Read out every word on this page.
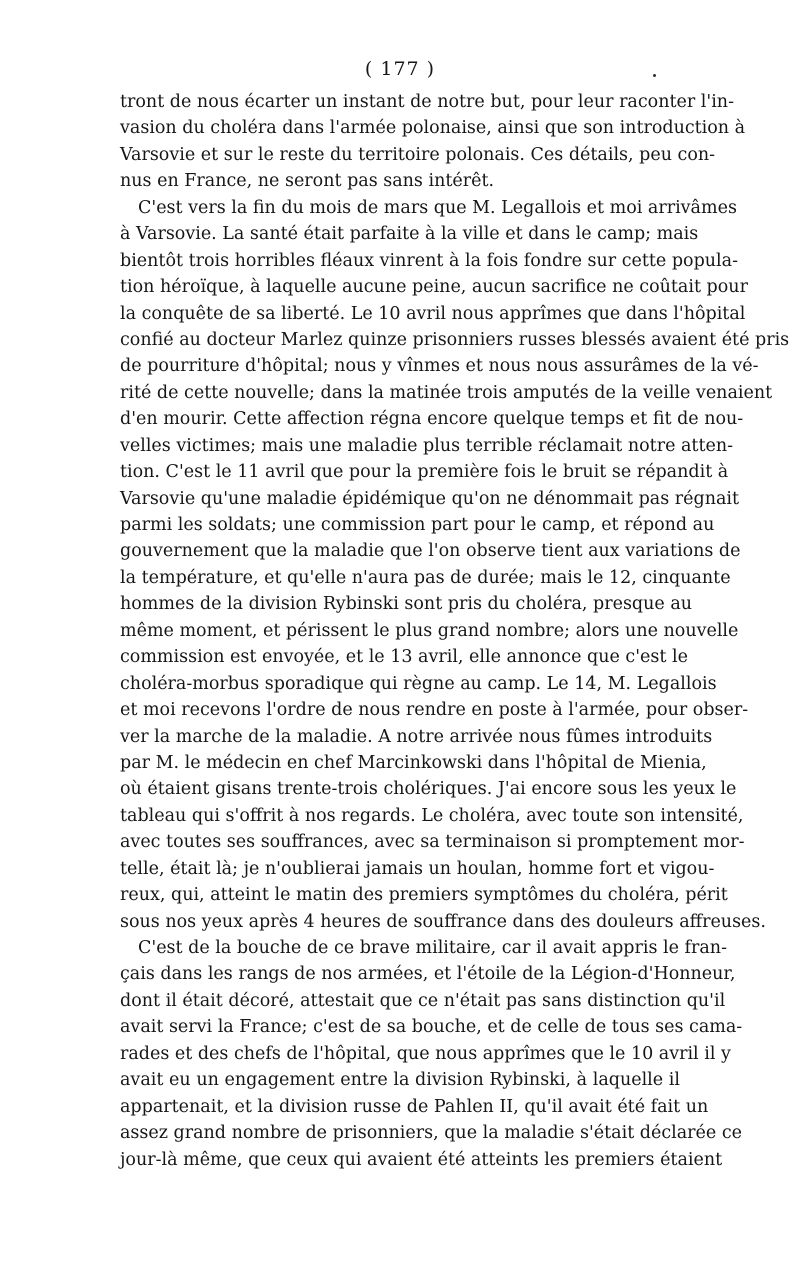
( 177 )
tront de nous écarter un instant de notre but, pour leur raconter l'in-
vasion du choléra dans l'armée polonaise, ainsi que son introduction à
Varsovie et sur le reste du territoire polonais. Ces détails, peu con-
nus en France, ne seront pas sans intérêt.
C'est vers la fin du mois de mars que M. Legallois et moi arrivâmes
à Varsovie. La santé était parfaite à la ville et dans le camp; mais
bientôt trois horribles fléaux vinrent à la fois fondre sur cette popula-
tion héroïque, à laquelle aucune peine, aucun sacrifice ne coûtait pour
la conquête de sa liberté. Le 10 avril nous apprîmes que dans l'hôpital
confié au docteur Marlez quinze prisonniers russes blessés avaient été pris
de pourriture d'hôpital; nous y vînmes et nous nous assurâmes de la vé-
rité de cette nouvelle; dans la matinée trois amputés de la veille venaient
d'en mourir. Cette affection régna encore quelque temps et fit de nou-
velles victimes; mais une maladie plus terrible réclamait notre atten-
tion. C'est le 11 avril que pour la première fois le bruit se répandit à
Varsovie qu'une maladie épidémique qu'on ne dénommait pas régnait
parmi les soldats; une commission part pour le camp, et répond au
gouvernement que la maladie que l'on observe tient aux variations de
la température, et qu'elle n'aura pas de durée; mais le 12, cinquante
hommes de la division Rybinski sont pris du choléra, presque au
même moment, et périssent le plus grand nombre; alors une nouvelle
commission est envoyée, et le 13 avril, elle annonce que c'est le
choléra-morbus sporadique qui règne au camp. Le 14, M. Legallois
et moi recevons l'ordre de nous rendre en poste à l'armée, pour obser-
ver la marche de la maladie. A notre arrivée nous fûmes introduits
par M. le médecin en chef Marcinkowski dans l'hôpital de Mienia,
où étaient gisans trente-trois cholériques. J'ai encore sous les yeux le
tableau qui s'offrit à nos regards. Le choléra, avec toute son intensité,
avec toutes ses souffrances, avec sa terminaison si promptement mor-
telle, était là; je n'oublierai jamais un houlan, homme fort et vigou-
reux, qui, atteint le matin des premiers symptômes du choléra, périt
sous nos yeux après 4 heures de souffrance dans des douleurs affreuses.
C'est de la bouche de ce brave militaire, car il avait appris le fran-
çais dans les rangs de nos armées, et l'étoile de la Légion-d'Honneur,
dont il était décoré, attestait que ce n'était pas sans distinction qu'il
avait servi la France; c'est de sa bouche, et de celle de tous ses cama-
rades et des chefs de l'hôpital, que nous apprîmes que le 10 avril il y
avait eu un engagement entre la division Rybinski, à laquelle il
appartenait, et la division russe de Pahlen II, qu'il avait été fait un
assez grand nombre de prisonniers, que la maladie s'était déclarée ce
jour-là même, que ceux qui avaient été atteints les premiers étaient
